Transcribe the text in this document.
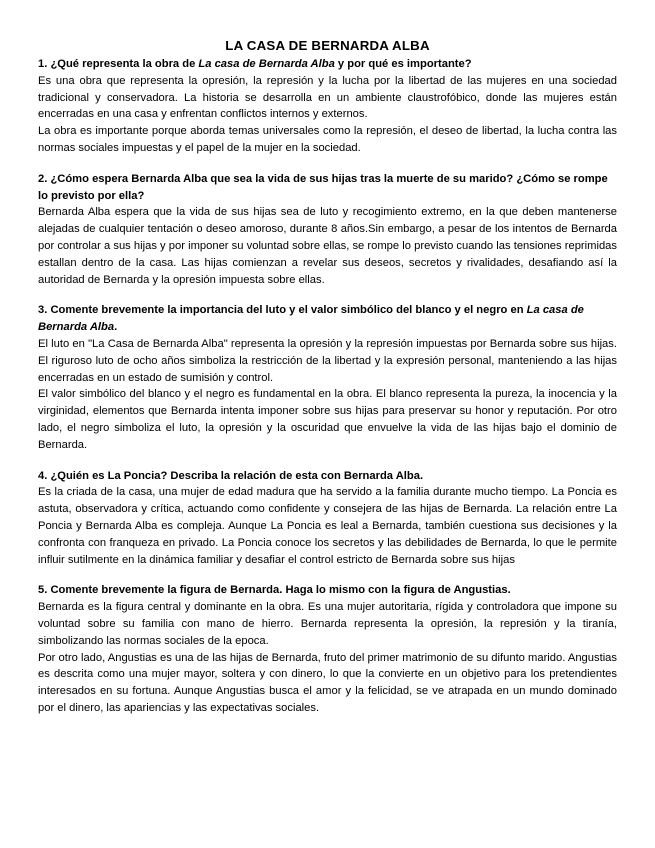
LA CASA DE BERNARDA ALBA

1. ¿Qué representa la obra de La casa de Bernarda Alba y por qué es importante?

Es una obra que representa la opresión, la represión y la lucha por la libertad de las mujeres en una sociedad tradicional y conservadora. La historia se desarrolla en un ambiente claustrofóbico, donde las mujeres están encerradas en una casa y enfrentan conflictos internos y externos.

La obra es importante porque aborda temas universales como la represión, el deseo de libertad, la lucha contra las normas sociales impuestas y el papel de la mujer en la sociedad.

2. ¿Cómo espera Bernarda Alba que sea la vida de sus hijas tras la muerte de su marido? ¿Cómo se rompe lo previsto por ella?

Bernarda Alba espera que la vida de sus hijas sea de luto y recogimiento extremo, en la que deben mantenerse alejadas de cualquier tentación o deseo amoroso, durante 8 años.Sin embargo, a pesar de los intentos de Bernarda por controlar a sus hijas y por imponer su voluntad sobre ellas, se rompe lo previsto cuando las tensiones reprimidas estallan dentro de la casa. Las hijas comienzan a revelar sus deseos, secretos y rivalidades, desafiando así la autoridad de Bernarda y la opresión impuesta sobre ellas.

3. Comente brevemente la importancia del luto y el valor simbólico del blanco y el negro en La casa de Bernarda Alba.

El luto en "La Casa de Bernarda Alba" representa la opresión y la represión impuestas por Bernarda sobre sus hijas. El riguroso luto de ocho años simboliza la restricción de la libertad y la expresión personal, manteniendo a las hijas encerradas en un estado de sumisión y control.

El valor simbólico del blanco y el negro es fundamental en la obra. El blanco representa la pureza, la inocencia y la virginidad, elementos que Bernarda intenta imponer sobre sus hijas para preservar su honor y reputación. Por otro lado, el negro simboliza el luto, la opresión y la oscuridad que envuelve la vida de las hijas bajo el dominio de Bernarda.

4. ¿Quién es La Poncia? Describa la relación de esta con Bernarda Alba.

Es la criada de la casa, una mujer de edad madura que ha servido a la familia durante mucho tiempo. La Poncia es astuta, observadora y crítica, actuando como confidente y consejera de las hijas de Bernarda. La relación entre La Poncia y Bernarda Alba es compleja. Aunque La Poncia es leal a Bernarda, también cuestiona sus decisiones y la confronta con franqueza en privado. La Poncia conoce los secretos y las debilidades de Bernarda, lo que le permite influir sutilmente en la dinámica familiar y desafiar el control estricto de Bernarda sobre sus hijas

5. Comente brevemente la figura de Bernarda. Haga lo mismo con la figura de Angustias.

Bernarda es la figura central y dominante en la obra. Es una mujer autoritaria, rígida y controladora que impone su voluntad sobre su familia con mano de hierro. Bernarda representa la opresión, la represión y la tiranía, simbolizando las normas sociales de la epoca.

Por otro lado, Angustias es una de las hijas de Bernarda, fruto del primer matrimonio de su difunto marido. Angustias es descrita como una mujer mayor, soltera y con dinero, lo que la convierte en un objetivo para los pretendientes interesados en su fortuna. Aunque Angustias busca el amor y la felicidad, se ve atrapada en un mundo dominado por el dinero, las apariencias y las expectativas sociales.
